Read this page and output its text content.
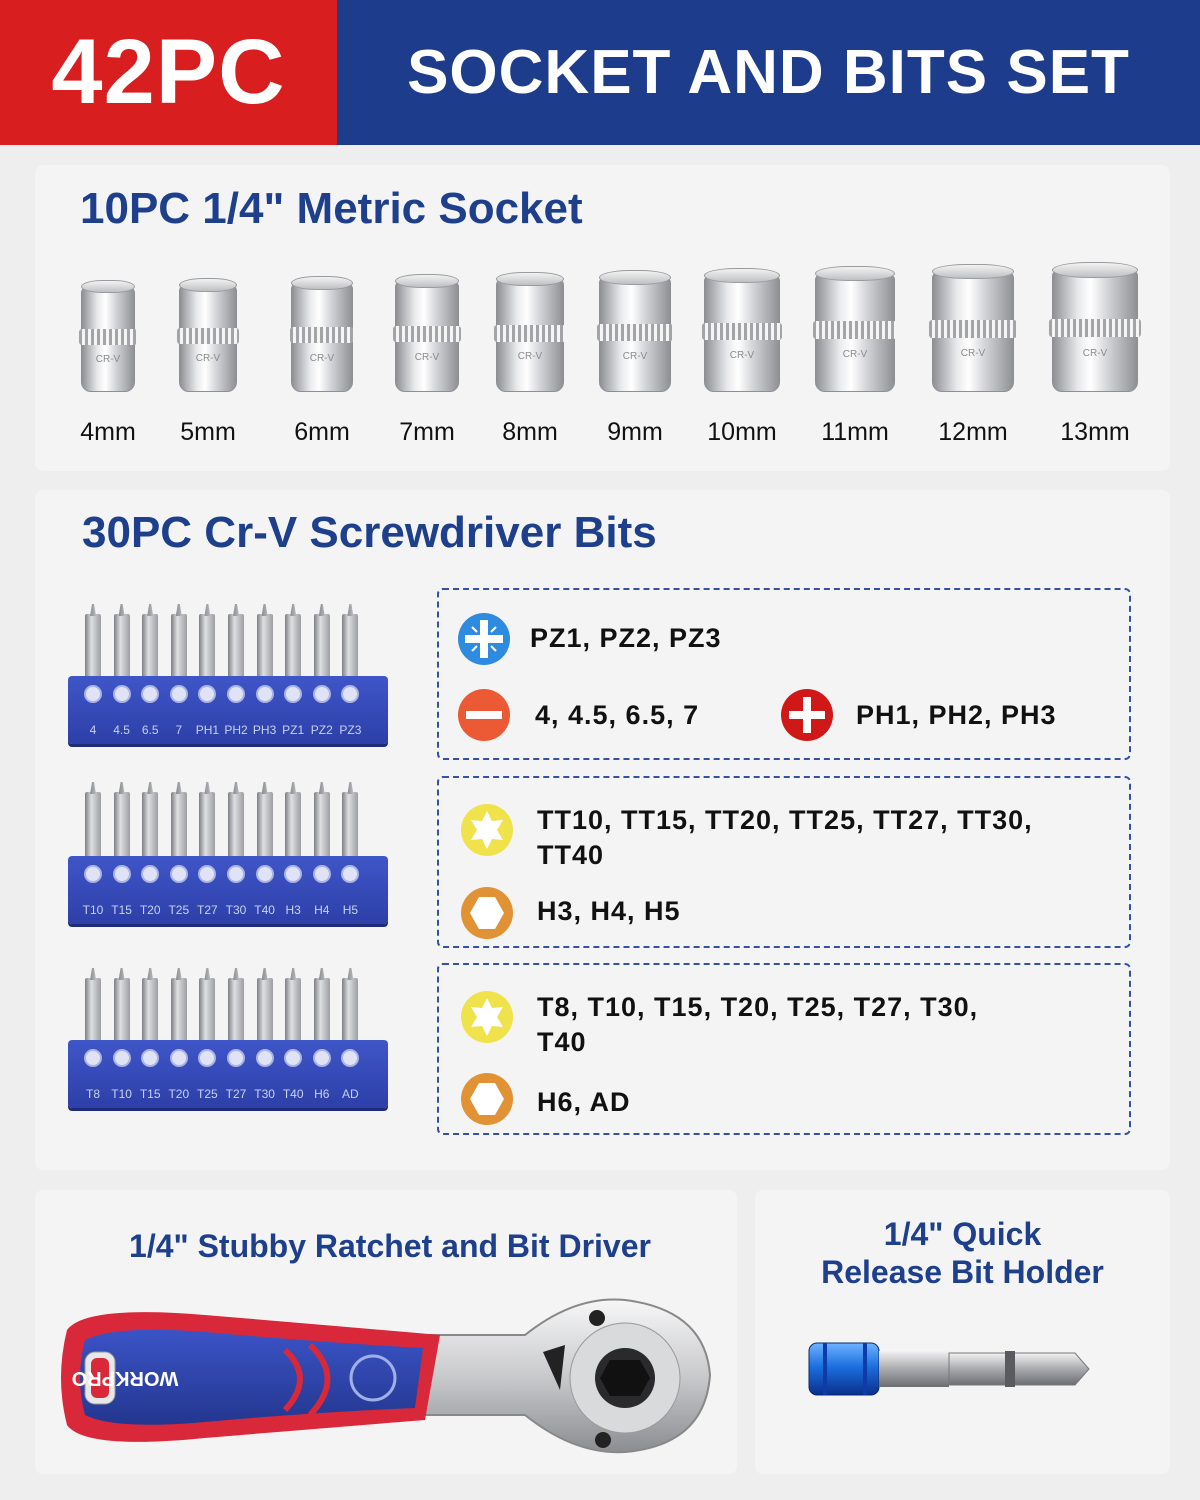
42PC SOCKET AND BITS SET
10PC 1/4" Metric Socket
CR-V
4mm
CR-V
5mm
CR-V
6mm
CR-V
7mm
CR-V
8mm
CR-V
9mm
CR-V
10mm
CR-V
11mm
CR-V
12mm
CR-V
13mm
30PC Cr-V Screwdriver Bits
4	4.5 6.5	7	PH1 PH2 PH3 PZ1 PZ2 PZ3
T10 T15 T20 T25 T27 T30 T40 H3	H4	H5
T8 T10 T15 T20 T25 T27 T30 T40 H6	AD
PZ1, PZ2, PZ3
4, 4.5, 6.5, 7	PH1, PH2, PH3
TT10, TT15, TT20, TT25, TT27, TT30,
TT40
H3, H4, H5
T8, T10, T15, T20, T25, T27, T30,
T40
H6, AD
1/4" Stubby Ratchet and Bit Driver
WORKPRO
1/4" Quick
Release Bit Holder
